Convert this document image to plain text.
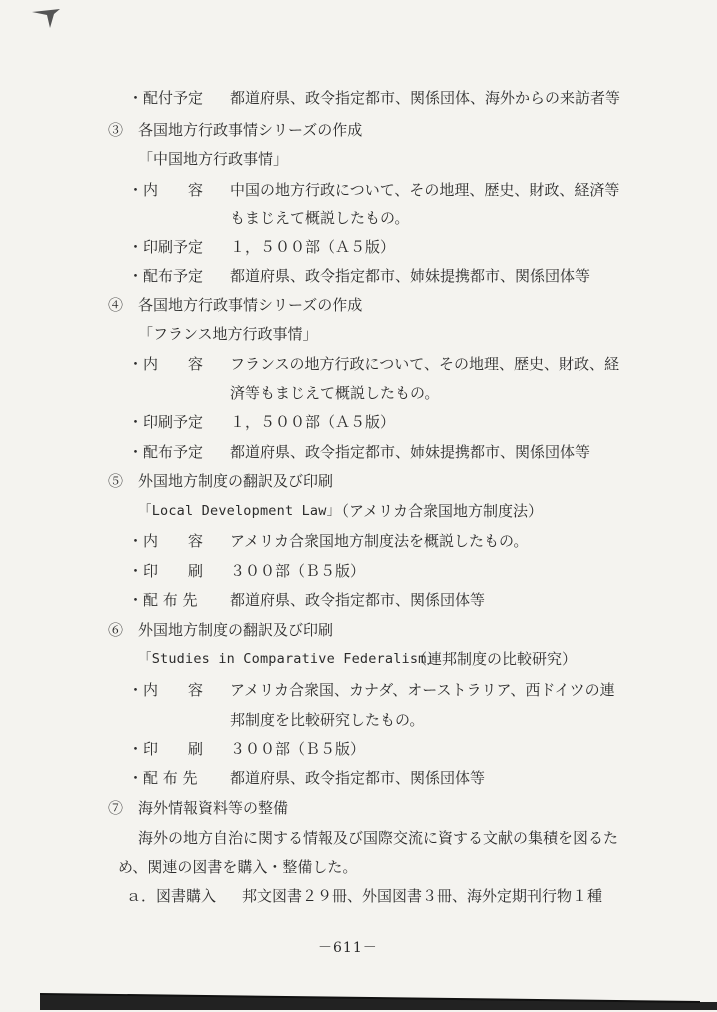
・配付予定 都道府県、政令指定都市、関係団体、海外からの来訪者等
③　各国地方行政事情シリーズの作成
「中国地方行政事情」
・内　　容 中国の地方行政について、その地理、歴史、財政、経済等
もまじえて概説したもの。
・印刷予定 １，５００部（Ａ５版）
・配布予定 都道府県、政令指定都市、姉妹提携都市、関係団体等
④　各国地方行政事情シリーズの作成
「フランス地方行政事情」
・内　　容 フランスの地方行政について、その地理、歴史、財政、経
済等もまじえて概説したもの。
・印刷予定 １，５００部（Ａ５版）
・配布予定 都道府県、政令指定都市、姉妹提携都市、関係団体等
⑤　外国地方制度の翻訳及び印刷
「Local Development Law」
（アメリカ合衆国地方制度法）
・内　　容 アメリカ合衆国地方制度法を概説したもの。
・印　　刷 ３００部（Ｂ５版）
・配 布 先 都道府県、政令指定都市、関係団体等
⑥　外国地方制度の翻訳及び印刷
「Studies in Comparative Federalism」
（連邦制度の比較研究）
・内　　容 アメリカ合衆国、カナダ、オーストラリア、西ドイツの連
邦制度を比較研究したもの。
・印　　刷 ３００部（Ｂ５版）
・配 布 先 都道府県、政令指定都市、関係団体等
⑦　海外情報資料等の整備
海外の地方自治に関する情報及び国際交流に資する文献の集積を図るた
め、関連の図書を購入・整備した。
ａ．図書購入 邦文図書２９冊、外国図書３冊、海外定期刊行物１種
－611－
